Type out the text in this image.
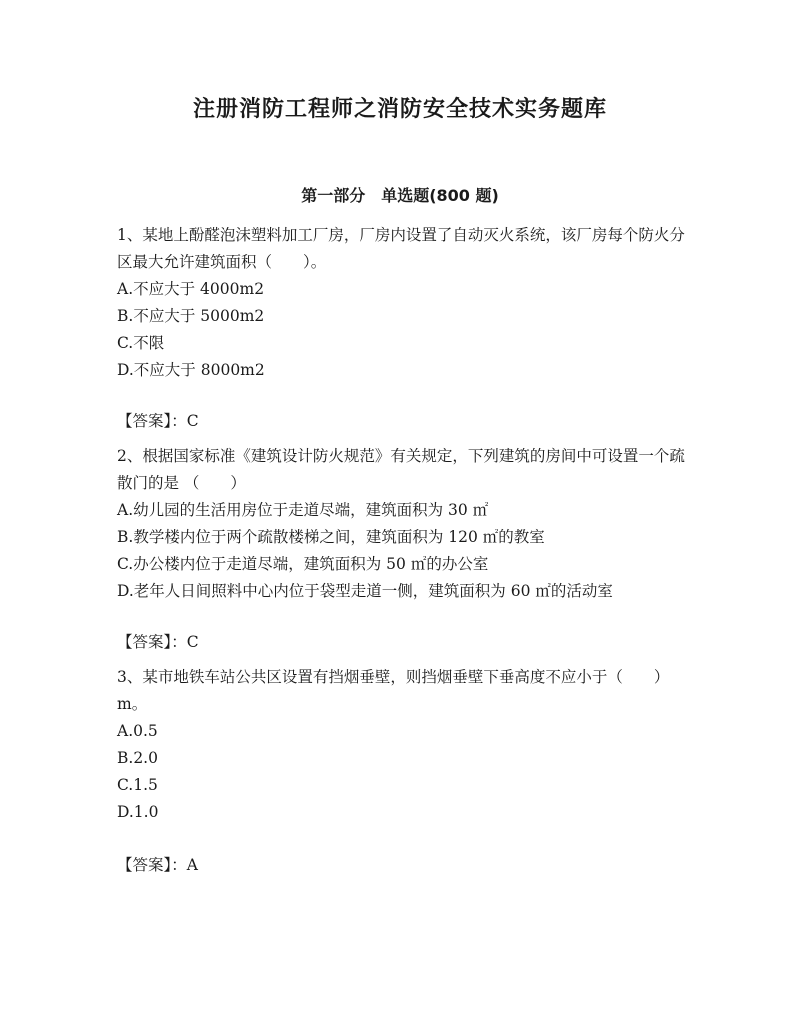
注册消防工程师之消防安全技术实务题库
第一部分　单选题(800 题)

1、某地上酚醛泡沫塑料加工厂房，厂房内设置了自动灭火系统，该厂房每个防火分区最大允许建筑面积（　　）。

A.不应大于 4000m2

B.不应大于 5000m2

C.不限

D.不应大于 8000m2

【答案】：C

2、根据国家标准《建筑设计防火规范》有关规定，下列建筑的房间中可设置一个疏散门的是 （　　）

A.幼儿园的生活用房位于走道尽端，建筑面积为 30 ㎡

B.教学楼内位于两个疏散楼梯之间，建筑面积为 120 ㎡的教室

C.办公楼内位于走道尽端，建筑面积为 50 ㎡的办公室

D.老年人日间照料中心内位于袋型走道一侧，建筑面积为 60 ㎡的活动室

【答案】：C

3、某市地铁车站公共区设置有挡烟垂壁，则挡烟垂壁下垂高度不应小于（　　）m。

A.0.5

B.2.0

C.1.5

D.1.0

【答案】：A
